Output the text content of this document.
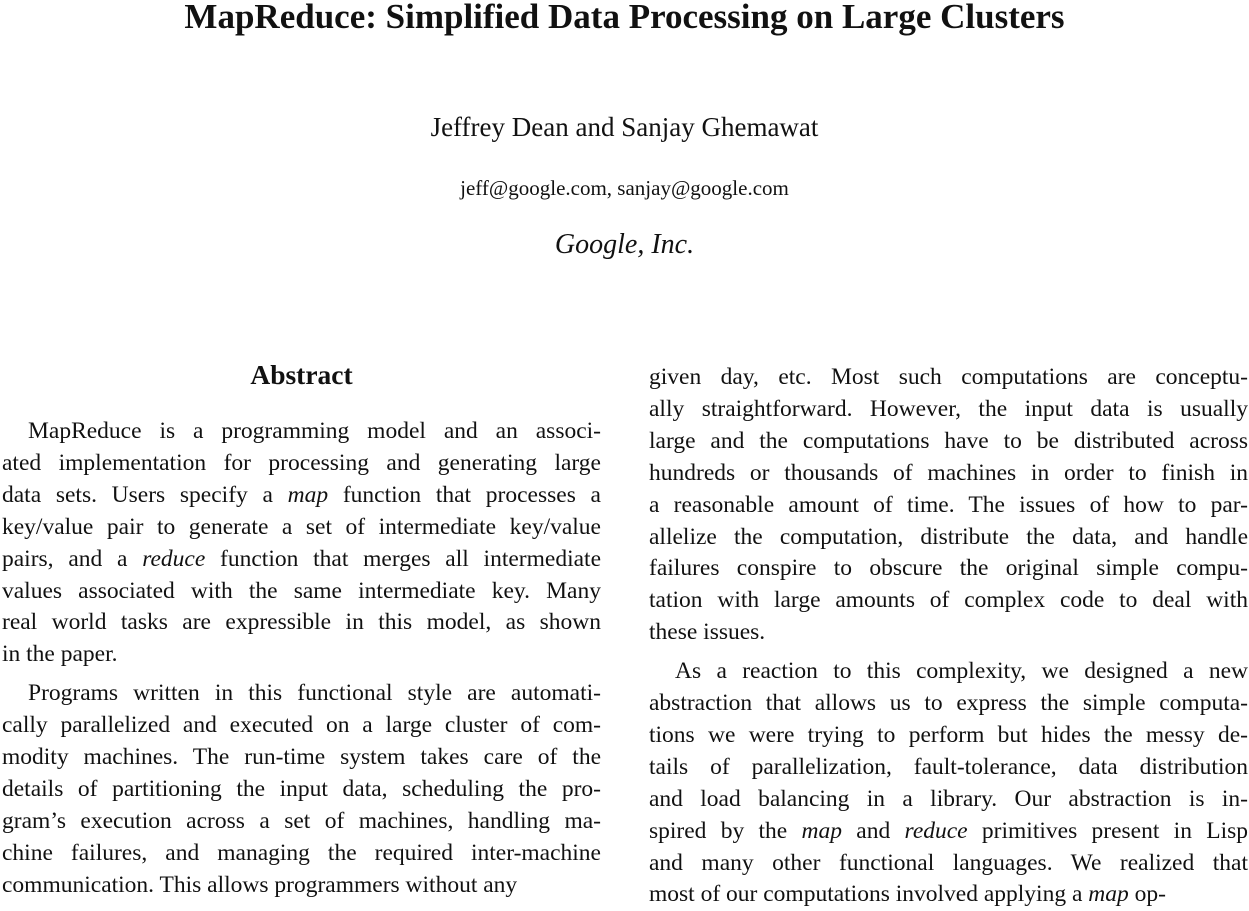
MapReduce: Simplified Data Processing on Large Clusters
Jeffrey Dean and Sanjay Ghemawat
jeff@google.com, sanjay@google.com
Google, Inc.
Abstract
MapReduce is a programming model and an associ-
ated implementation for processing and generating large
data sets. Users specify a map function that processes a
key/value pair to generate a set of intermediate key/value
pairs, and a reduce function that merges all intermediate
values associated with the same intermediate key. Many
real world tasks are expressible in this model, as shown
in the paper.
Programs written in this functional style are automati-
cally parallelized and executed on a large cluster of com-
modity machines. The run-time system takes care of the
details of partitioning the input data, scheduling the pro-
gram’s execution across a set of machines, handling ma-
chine failures, and managing the required inter-machine
communication. This allows programmers without any
given day, etc. Most such computations are conceptu-
ally straightforward. However, the input data is usually
large and the computations have to be distributed across
hundreds or thousands of machines in order to finish in
a reasonable amount of time. The issues of how to par-
allelize the computation, distribute the data, and handle
failures conspire to obscure the original simple compu-
tation with large amounts of complex code to deal with
these issues.
As a reaction to this complexity, we designed a new
abstraction that allows us to express the simple computa-
tions we were trying to perform but hides the messy de-
tails of parallelization, fault-tolerance, data distribution
and load balancing in a library. Our abstraction is in-
spired by the map and reduce primitives present in Lisp
and many other functional languages. We realized that
most of our computations involved applying a map op-
